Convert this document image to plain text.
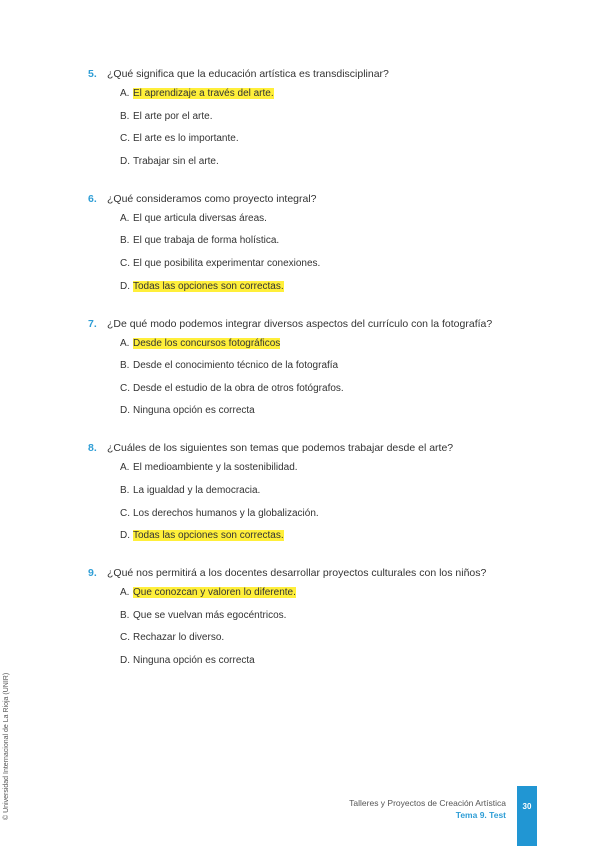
5. ¿Qué significa que la educación artística es transdisciplinar?
A. El aprendizaje a través del arte.
B. El arte por el arte.
C. El arte es lo importante.
D. Trabajar sin el arte.
6. ¿Qué consideramos como proyecto integral?
A. El que articula diversas áreas.
B. El que trabaja de forma holística.
C. El que posibilita experimentar conexiones.
D. Todas las opciones son correctas.
7. ¿De qué modo podemos integrar diversos aspectos del currículo con la fotografía?
A. Desde los concursos fotográficos
B. Desde el conocimiento técnico de la fotografía
C. Desde el estudio de la obra de otros fotógrafos.
D. Ninguna opción es correcta
8. ¿Cuáles de los siguientes son temas que podemos trabajar desde el arte?
A. El medioambiente y la sostenibilidad.
B. La igualdad y la democracia.
C. Los derechos humanos y la globalización.
D. Todas las opciones son correctas.
9. ¿Qué nos permitirá a los docentes desarrollar proyectos culturales con los niños?
A. Que conozcan y valoren lo diferente.
B. Que se vuelvan más egocéntricos.
C. Rechazar lo diverso.
D. Ninguna opción es correcta
Talleres y Proyectos de Creación Artística
Tema 9. Test
30
© Universidad Internacional de La Rioja (UNIR)
